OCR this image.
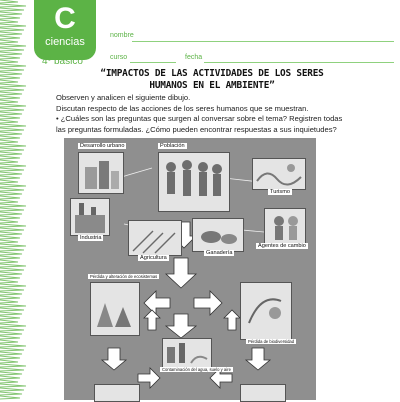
C
ciencias
4º básico
nombre
curso	fecha
“IMPACTOS DE LAS ACTIVIDADES DE LOS SERES
HUMANOS EN EL AMBIENTE”
Observen y analicen el siguiente dibujo.
Discutan respecto de las acciones de los seres humanos que se muestran.
• ¿Cuáles son las preguntas que surgen al conversar sobre el tema? Registren todas
las preguntas formuladas. ¿Cómo pueden encontrar respuestas a sus inquietudes?
Desarrollo urbano	Población
Turismo
Industria
Agricultura
Ganadería
Agentes de cambio
Pérdida y alteración de ecosistemas
Pérdida de biodiversidad
Contaminación del agua, suelo y aire
